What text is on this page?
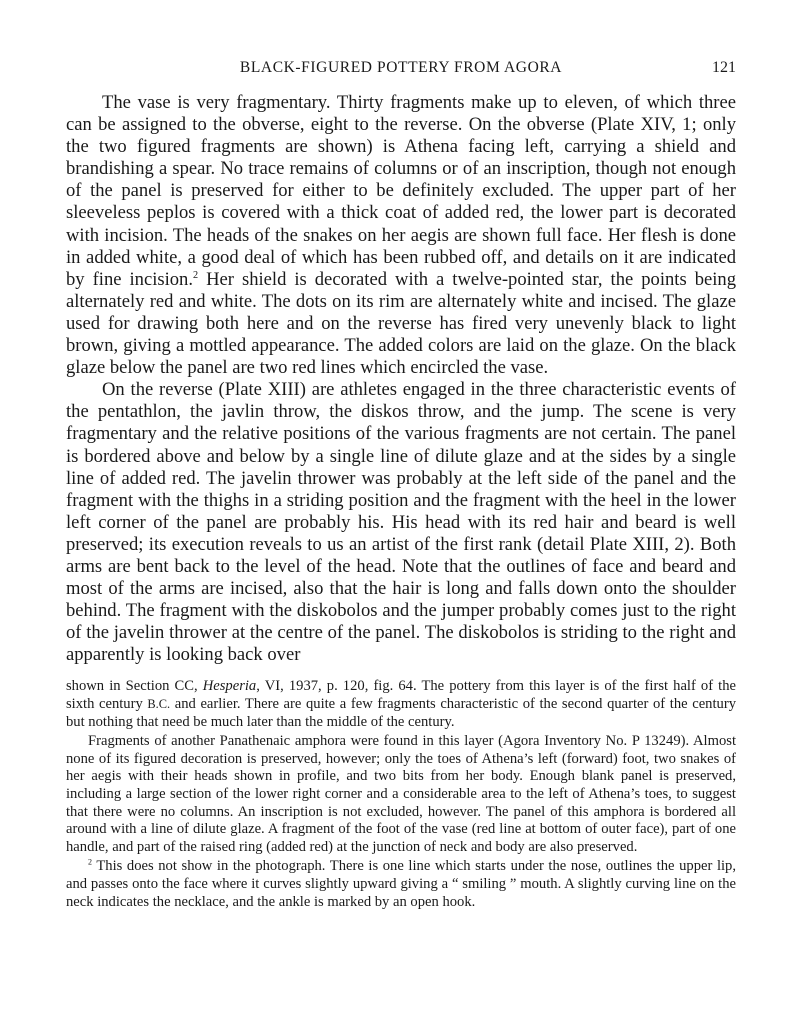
BLACK-FIGURED POTTERY FROM AGORA	121

The vase is very fragmentary. Thirty fragments make up to eleven, of which three can be assigned to the obverse, eight to the reverse. On the obverse (Plate XIV, 1; only the two figured fragments are shown) is Athena facing left, carrying a shield and brandishing a spear. No trace remains of columns or of an inscription, though not enough of the panel is preserved for either to be definitely excluded. The upper part of her sleeveless peplos is covered with a thick coat of added red, the lower part is decorated with incision. The heads of the snakes on her aegis are shown full face. Her flesh is done in added white, a good deal of which has been rubbed off, and details on it are indicated by fine incision.$^2$ Her shield is decorated with a twelve-pointed star, the points being alternately red and white. The dots on its rim are alternately white and incised. The glaze used for drawing both here and on the reverse has fired very unevenly black to light brown, giving a mottled appearance. The added colors are laid on the glaze. On the black glaze below the panel are two red lines which encircled the vase.

On the reverse (Plate XIII) are athletes engaged in the three characteristic events of the pentathlon, the javlin throw, the diskos throw, and the jump. The scene is very fragmentary and the relative positions of the various fragments are not certain. The panel is bordered above and below by a single line of dilute glaze and at the sides by a single line of added red. The javelin thrower was probably at the left side of the panel and the fragment with the thighs in a striding position and the fragment with the heel in the lower left corner of the panel are probably his. His head with its red hair and beard is well preserved; its execution reveals to us an artist of the first rank (detail Plate XIII, 2). Both arms are bent back to the level of the head. Note that the outlines of face and beard and most of the arms are incised, also that the hair is long and falls down onto the shoulder behind. The fragment with the diskobolos and the jumper probably comes just to the right of the javelin thrower at the centre of the panel. The diskobolos is striding to the right and apparently is looking back over

shown in Section CC, Hesperia, VI, 1937, p. 120, fig. 64. The pottery from this layer is of the first half of the sixth century B.C. and earlier. There are quite a few fragments characteristic of the second quarter of the century but nothing that need be much later than the middle of the century.

Fragments of another Panathenaic amphora were found in this layer (Agora Inventory No. P 13249). Almost none of its figured decoration is preserved, however; only the toes of Athena’s left (forward) foot, two snakes of her aegis with their heads shown in profile, and two bits from her body. Enough blank panel is preserved, including a large section of the lower right corner and a considerable area to the left of Athena’s toes, to suggest that there were no columns. An inscription is not excluded, however. The panel of this amphora is bordered all around with a line of dilute glaze. A fragment of the foot of the vase (red line at bottom of outer face), part of one handle, and part of the raised ring (added red) at the junction of neck and body are also preserved.

$^2$ This does not show in the photograph. There is one line which starts under the nose, outlines the upper lip, and passes onto the face where it curves slightly upward giving a “ smiling ” mouth. A slightly curving line on the neck indicates the necklace, and the ankle is marked by an open hook.
